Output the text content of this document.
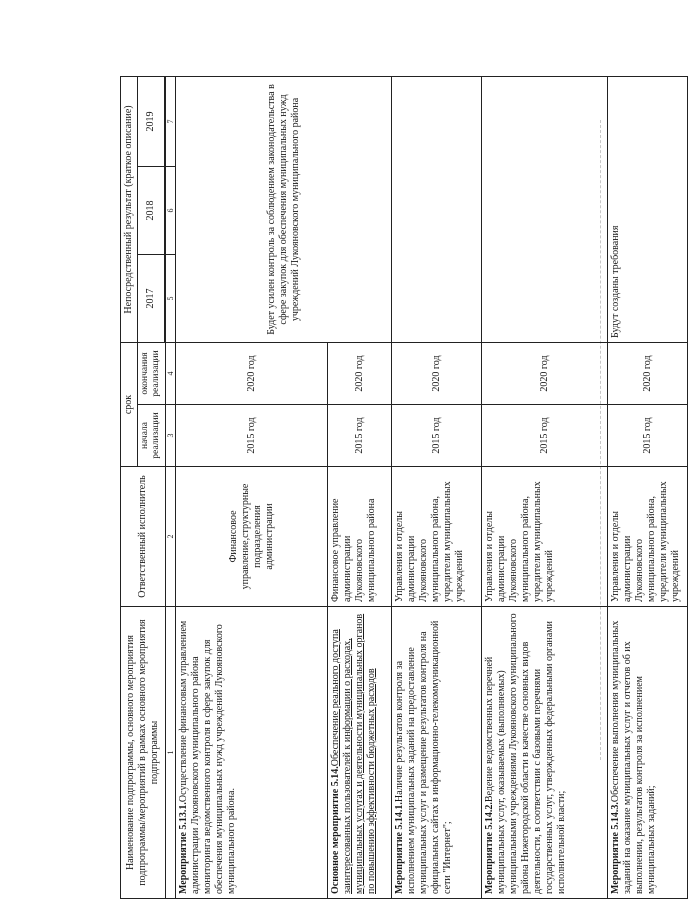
Наименование подпрограммы, основного мероприятия подпрограммы/мероприятий в рамках основного мероприятия подпрограммы	Ответственный исполнитель	срок		Непосредственный результат (краткое описание)		
		начала реализации	окончания реализации	2017	2018	2019

1	2	3	4	5	6	7
Мероприятие 5.13.1.Осуществление финансовым управлением администрации Лукояновского муниципального района мониторинга ведомственного контроля в сфере закупок для обеспечения муниципальных нужд учреждений Лукояновского муниципального района.	Финансовое управление,структурные подразделения администрации	2015 год	2020 год	Будет усилен контроль за соблюдением законодательства в сфере закупок для обеспечения муниципальных нужд учреждений Лукояновского муниципального района		
Основное мероприятие 5.14.Обеспечение реального доступа заинтересованных пользователей к информации о расходах, муниципальных услугах и деятельности муниципальных органов по повышению эффективности бюджетных расходов	Финансовое управление администрации Лукояновского муниципального района	2015 год	2020 год			
Мероприятие 5.14.1.Наличие результатов контроля за исполнением муниципальных заданий на предоставление муниципальных услуг и размещение результатов контроля на официальных сайтах в информационно-телекоммуникационной сети "Интернет";	Управления и отделы администрации Лукояновского муниципального района, учредители муниципальных учреждений	2015 год	2020 год			
Мероприятие 5.14.2.Ведение ведомственных перечней муниципальных услуг, оказываемых (выполняемых) муниципальными учреждениями Лукояновского муниципального района Нижегородской области в качестве основных видов деятельности, в соответствии с базовыми перечнями государственных услуг, утвержденных федеральными органами исполнительной власти;	Управления и отделы администрации Лукояновского муниципального района, учредители муниципальных учреждений	2015 год	2020 год			
Мероприятие 5.14.3.Обеспечение выполнения муниципальных заданий на оказание муниципальных услуг и отчетов об их выполнении, результатов контроля за исполнением муниципальных заданий;	Управления и отделы администрации Лукояновского муниципального района, учредители муниципальных учреждений	2015 год	2020 год	Будут созданы требования		
